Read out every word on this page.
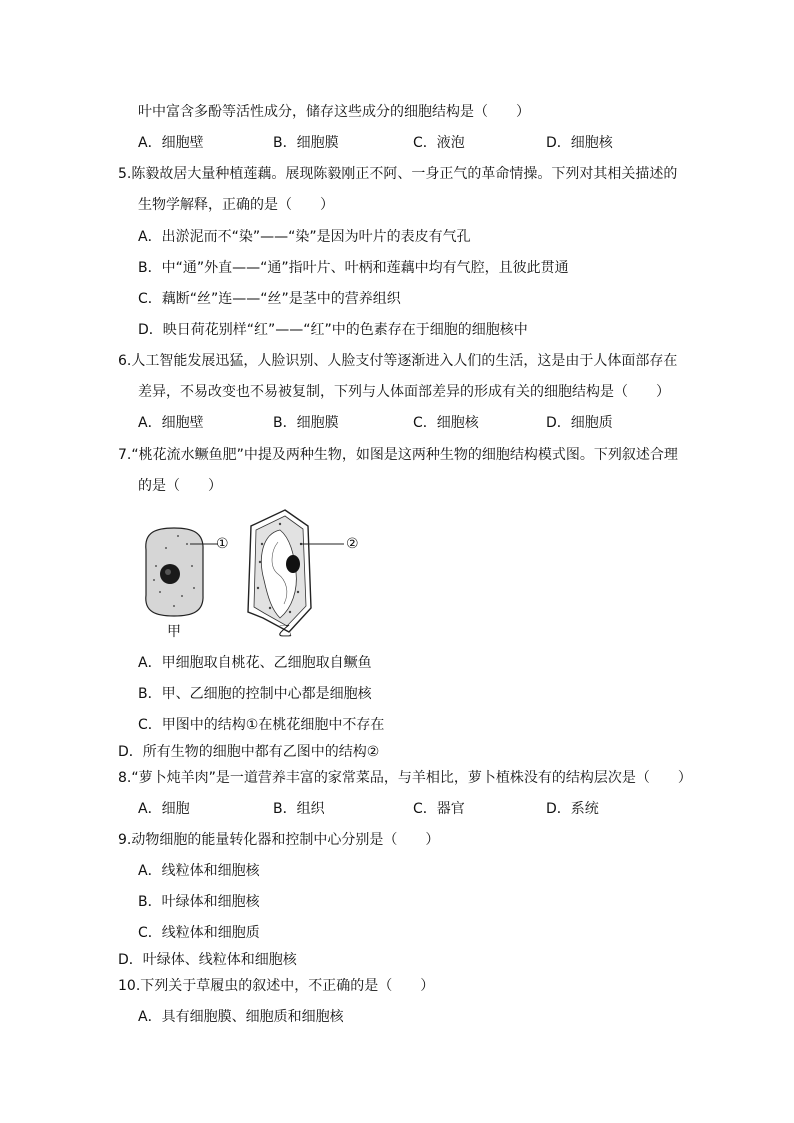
叶中富含多酚等活性成分，储存这些成分的细胞结构是（　　）
A．细胞壁	B．细胞膜	C．液泡	D．细胞核
5.陈毅故居大量种植莲藕。展现陈毅刚正不阿、一身正气的革命情操。下列对其相关描述的
生物学解释，正确的是（　　）
A．出淤泥而不“染”——“染”是因为叶片的表皮有气孔
B．中“通”外直——“通”指叶片、叶柄和莲藕中均有气腔，且彼此贯通
C．藕断“丝”连——“丝”是茎中的营养组织
D．映日荷花别样“红”——“红”中的色素存在于细胞的细胞核中
6.人工智能发展迅猛，人脸识别、人脸支付等逐渐进入人们的生活，这是由于人体面部存在
差异，不易改变也不易被复制，下列与人体面部差异的形成有关的细胞结构是（　　）
A．细胞壁	B．细胞膜	C．细胞核	D．细胞质
7.“桃花流水鳜鱼肥”中提及两种生物，如图是这两种生物的细胞结构模式图。下列叙述合理
的是（　　）
①	②
甲	乙
A．甲细胞取自桃花、乙细胞取自鳜鱼
B．甲、乙细胞的控制中心都是细胞核
C．甲图中的结构①在桃花细胞中不存在
D．所有生物的细胞中都有乙图中的结构②
8.“萝卜炖羊肉”是一道营养丰富的家常菜品，与羊相比，萝卜植株没有的结构层次是（　　）
A．细胞	B．组织	C．器官	D．系统
9.动物细胞的能量转化器和控制中心分别是（　　）
A．线粒体和细胞核
B．叶绿体和细胞核
C．线粒体和细胞质
D．叶绿体、线粒体和细胞核
10.下列关于草履虫的叙述中，不正确的是（　　）
A．具有细胞膜、细胞质和细胞核
